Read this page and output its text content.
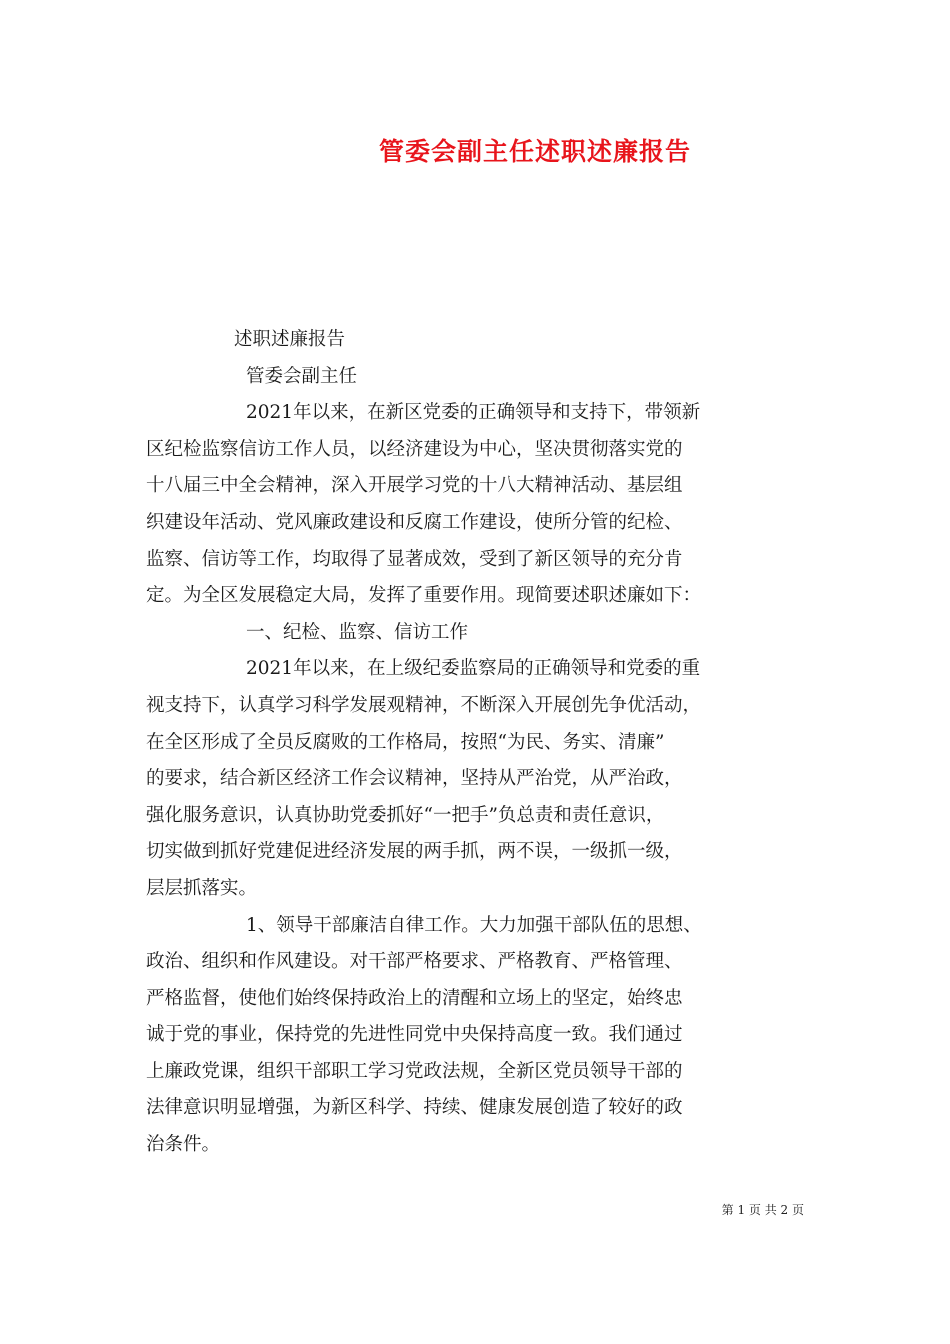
管委会副主任述职述廉报告
述职述廉报告
管委会副主任
2021年以来，在新区党委的正确领导和支持下，带领新
区纪检监察信访工作人员，以经济建设为中心，坚决贯彻落实党的
十八届三中全会精神，深入开展学习党的十八大精神活动、基层组
织建设年活动、党风廉政建设和反腐工作建设，使所分管的纪检、
监察、信访等工作，均取得了显著成效，受到了新区领导的充分肯
定。为全区发展稳定大局，发挥了重要作用。现简要述职述廉如下：
一、纪检、监察、信访工作
2021年以来，在上级纪委监察局的正确领导和党委的重
视支持下，认真学习科学发展观精神，不断深入开展创先争优活动，
在全区形成了全员反腐败的工作格局，按照“为民、务实、清廉”
的要求，结合新区经济工作会议精神，坚持从严治党，从严治政，
强化服务意识，认真协助党委抓好“一把手”负总责和责任意识，
切实做到抓好党建促进经济发展的两手抓，两不误，一级抓一级，
层层抓落实。
1、领导干部廉洁自律工作。大力加强干部队伍的思想、
政治、组织和作风建设。对干部严格要求、严格教育、严格管理、
严格监督，使他们始终保持政治上的清醒和立场上的坚定，始终忠
诚于党的事业，保持党的先进性同党中央保持高度一致。我们通过
上廉政党课，组织干部职工学习党政法规，全新区党员领导干部的
法律意识明显增强，为新区科学、持续、健康发展创造了较好的政
治条件。
第 1 页 共 2 页
